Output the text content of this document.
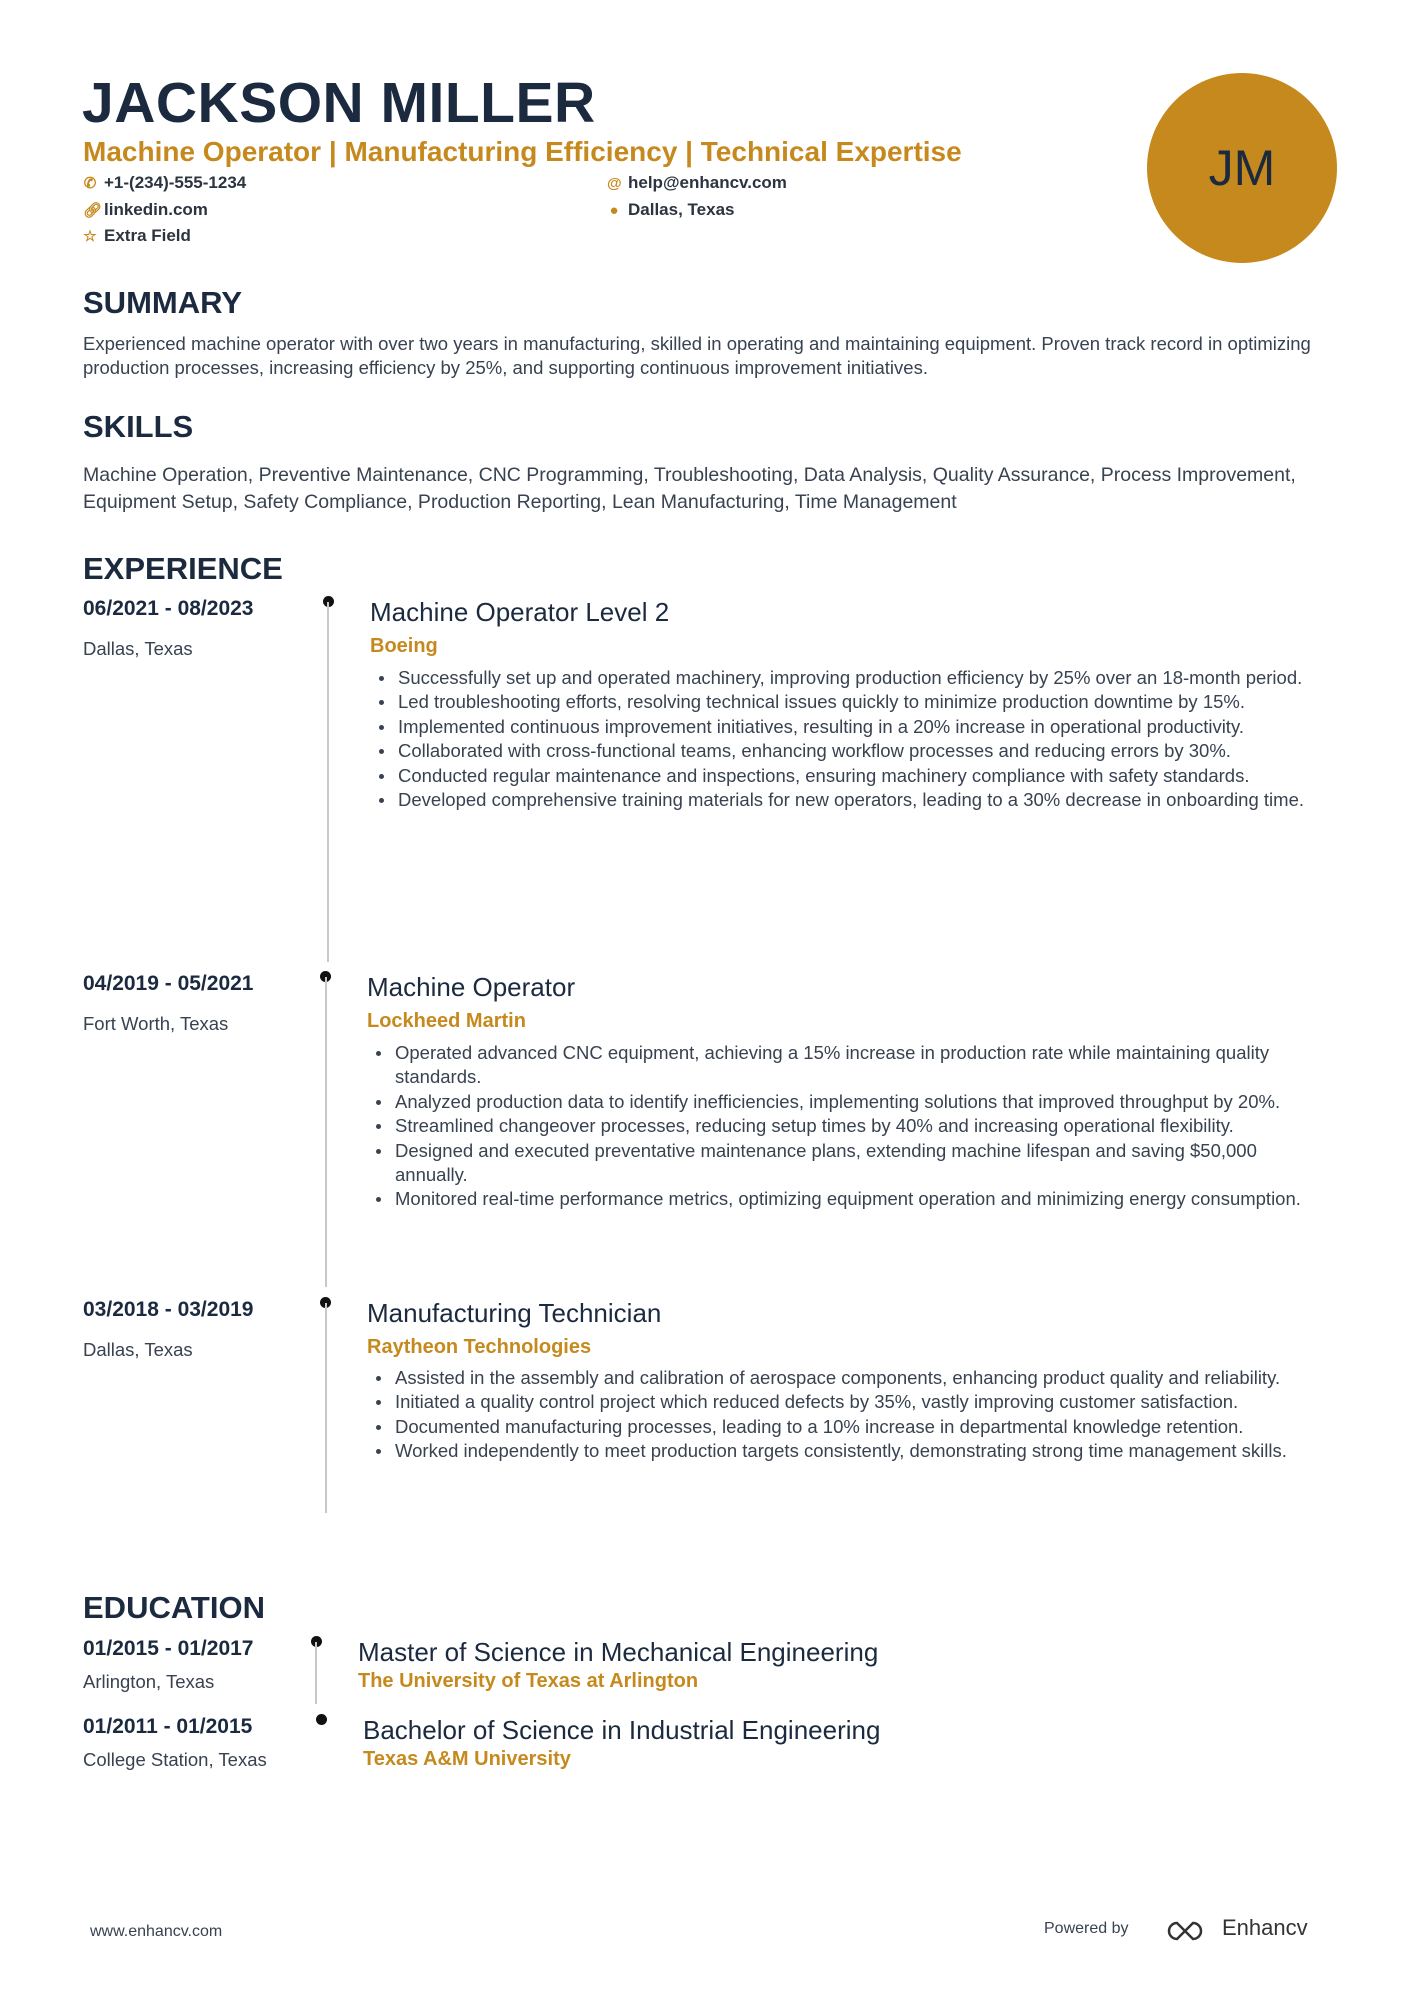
JACKSON MILLER
Machine Operator | Manufacturing Efficiency | Technical Expertise
✆ +1-(234)-555-1234
🔗︎ linkedin.com
☆ Extra Field
@ help@enhancv.com
● Dallas, Texas
JM
SUMMARY
Experienced machine operator with over two years in manufacturing, skilled in operating and maintaining equipment. Proven track record in optimizing production processes, increasing efficiency by 25%, and supporting continuous improvement initiatives.
SKILLS
Machine Operation, Preventive Maintenance, CNC Programming, Troubleshooting, Data Analysis, Quality Assurance, Process Improvement, Equipment Setup, Safety Compliance, Production Reporting, Lean Manufacturing, Time Management
EXPERIENCE
06/2021 - 08/2023
Dallas, Texas
Machine Operator Level 2
Boeing
Successfully set up and operated machinery, improving production efficiency by 25% over an 18-month period.
Led troubleshooting efforts, resolving technical issues quickly to minimize production downtime by 15%.
Implemented continuous improvement initiatives, resulting in a 20% increase in operational productivity.
Collaborated with cross-functional teams, enhancing workflow processes and reducing errors by 30%.
Conducted regular maintenance and inspections, ensuring machinery compliance with safety standards.
Developed comprehensive training materials for new operators, leading to a 30% decrease in onboarding time.
04/2019 - 05/2021
Fort Worth, Texas
Machine Operator
Lockheed Martin
Operated advanced CNC equipment, achieving a 15% increase in production rate while maintaining quality standards.
Analyzed production data to identify inefficiencies, implementing solutions that improved throughput by 20%.
Streamlined changeover processes, reducing setup times by 40% and increasing operational flexibility.
Designed and executed preventative maintenance plans, extending machine lifespan and saving $50,000 annually.
Monitored real-time performance metrics, optimizing equipment operation and minimizing energy consumption.
03/2018 - 03/2019
Dallas, Texas
Manufacturing Technician
Raytheon Technologies
Assisted in the assembly and calibration of aerospace components, enhancing product quality and reliability.
Initiated a quality control project which reduced defects by 35%, vastly improving customer satisfaction.
Documented manufacturing processes, leading to a 10% increase in departmental knowledge retention.
Worked independently to meet production targets consistently, demonstrating strong time management skills.
EDUCATION
01/2015 - 01/2017
Arlington, Texas
Master of Science in Mechanical Engineering
The University of Texas at Arlington
01/2011 - 01/2015
College Station, Texas
Bachelor of Science in Industrial Engineering
Texas A&M University
www.enhancv.com	Powered by	Enhancv
